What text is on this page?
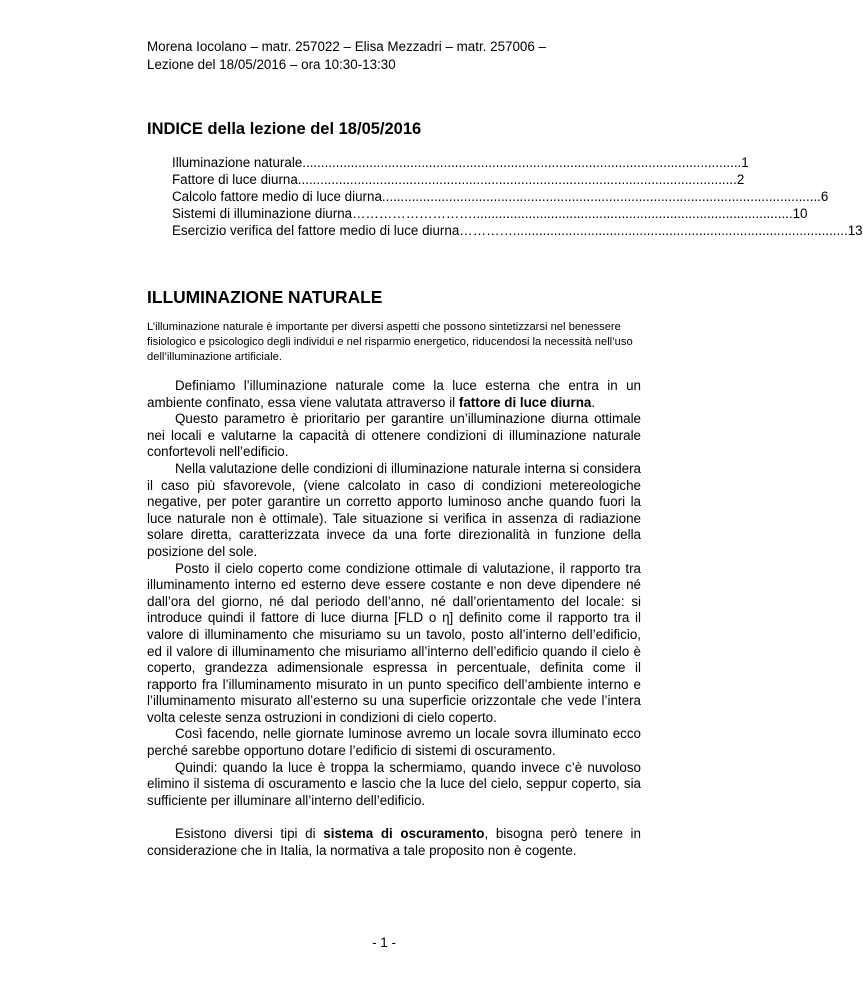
Morena Iocolano – matr. 257022 – Elisa Mezzadri – matr. 257006 –
Lezione del 18/05/2016 – ora 10:30-13:30
INDICE della lezione del 18/05/2016
Illuminazione naturale ...................................................................................................................... 1
Fattore di luce diurna ...................................................................................................................... 2
Calcolo fattore medio di luce diurna ...................................................................................................................... 6
Sistemi di illuminazione diurna ………………………...................................................................................... 10
Esercizio verifica del fattore medio di luce diurna ………….......................................................................................... 13
ILLUMINAZIONE NATURALE
L’illuminazione naturale è importante per diversi aspetti che possono sintetizzarsi nel benessere fisiologico e psicologico degli individui e nel risparmio energetico, riducendosi la necessità nell’uso dell’illuminazione artificiale.

Definiamo l’illuminazione naturale come la luce esterna che entra in un ambiente confinato, essa viene valutata attraverso il fattore di luce diurna.

Questo parametro è prioritario per garantire un’illuminazione diurna ottimale nei locali e valutarne la capacità di ottenere condizioni di illuminazione naturale confortevoli nell’edificio.

Nella valutazione delle condizioni di illuminazione naturale interna si considera il caso più sfavorevole, (viene calcolato in caso di condizioni metereologiche negative, per poter garantire un corretto apporto luminoso anche quando fuori la luce naturale non è ottimale). Tale situazione si verifica in assenza di radiazione solare diretta, caratterizzata invece da una forte direzionalità in funzione della posizione del sole.

Posto il cielo coperto come condizione ottimale di valutazione, il rapporto tra illuminamento interno ed esterno deve essere costante e non deve dipendere né dall’ora del giorno, né dal periodo dell’anno, né dall’orientamento del locale: si introduce quindi il fattore di luce diurna [FLD o η] definito come il rapporto tra il valore di illuminamento che misuriamo su un tavolo, posto all’interno dell’edificio, ed il valore di illuminamento che misuriamo all’interno dell’edificio quando il cielo è coperto, grandezza adimensionale espressa in percentuale, definita come il rapporto fra l’illuminamento misurato in un punto specifico dell’ambiente interno e l’illuminamento misurato all’esterno su una superficie orizzontale che vede l’intera volta celeste senza ostruzioni in condizioni di cielo coperto.

Così facendo, nelle giornate luminose avremo un locale sovra illuminato ecco perché sarebbe opportuno dotare l’edificio di sistemi di oscuramento.

Quindi: quando la luce è troppa la schermiamo, quando invece c’è nuvoloso elimino il sistema di oscuramento e lascio che la luce del cielo, seppur coperto, sia sufficiente per illuminare all’interno dell’edificio.

Esistono diversi tipi di sistema di oscuramento, bisogna però tenere in considerazione che in Italia, la normativa a tale proposito non è cogente.

- 1 -
